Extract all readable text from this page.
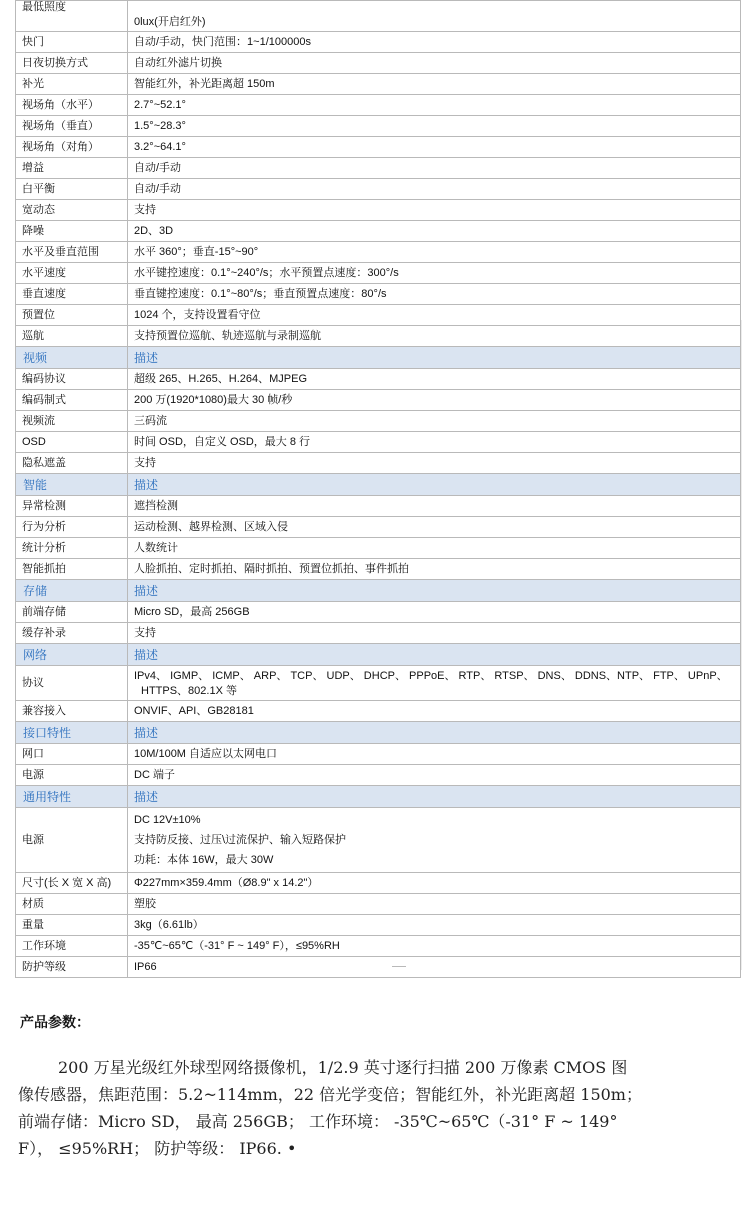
最低照度	0lux(开启红外)
快门	自动/手动，快门范围：1~1/100000s
日夜切换方式	自动红外滤片切换
补光	智能红外，补光距离超 150m
视场角（水平）	2.7°~52.1°
视场角（垂直）	1.5°~28.3°
视场角（对角）	3.2°~64.1°
增益	自动/手动
白平衡	自动/手动
宽动态	支持
降噪	2D、3D
水平及垂直范围	水平 360°；垂直-15°~90°
水平速度	水平键控速度：0.1°~240°/s；水平预置点速度：300°/s
垂直速度	垂直键控速度：0.1°~80°/s；垂直预置点速度：80°/s
预置位	1024 个，支持设置看守位
巡航	支持预置位巡航、轨迹巡航与录制巡航
视频	描述
编码协议	超级 265、H.265、H.264、MJPEG
编码制式	200 万(1920*1080)最大 30 帧/秒
视频流	三码流
OSD	时间 OSD，自定义 OSD，最大 8 行
隐私遮盖	支持
智能	描述
异常检测	遮挡检测
行为分析	运动检测、越界检测、区域入侵
统计分析	人数统计
智能抓拍	人脸抓拍、定时抓拍、隔时抓拍、预置位抓拍、事件抓拍
存储	描述
前端存储	Micro SD，最高 256GB
缓存补录	支持
网络	描述
协议	IPv4、 IGMP、 ICMP、 ARP、 TCP、 UDP、 DHCP、 PPPoE、 RTP、 RTSP、 DNS、 DDNS、NTP、 FTP、 UPnP、
HTTPS、802.1X 等

兼容接入	ONVIF、API、GB28181
接口特性	描述
网口	10M/100M 自适应以太网电口
电源	DC 端子
通用特性	描述
电源	DC 12V±10%
支持防反接、过压\过流保护、输入短路保护
功耗：本体 16W，最大 30W

尺寸(长 X 宽 X 高)	Φ227mm×359.4mm（Ø8.9" x 14.2"）
材质	塑胶
重量	3kg（6.61lb）
工作环境	-35℃~65℃（-31° F ~ 149° F），≤95%RH
防护等级	IP66
产品参数：
200 万星光级红外球型网络摄像机，1/2.9 英寸逐行扫描 200 万像素 CMOS 图
像传感器，焦距范围：5.2~114mm，22 倍光学变倍；智能红外，补光距离超 150m；
前端存储：Micro SD， 最高 256GB； 工作环境： -35℃~65℃（-31° F ~ 149°
F）， ≤95%RH； 防护等级： IP66. •
